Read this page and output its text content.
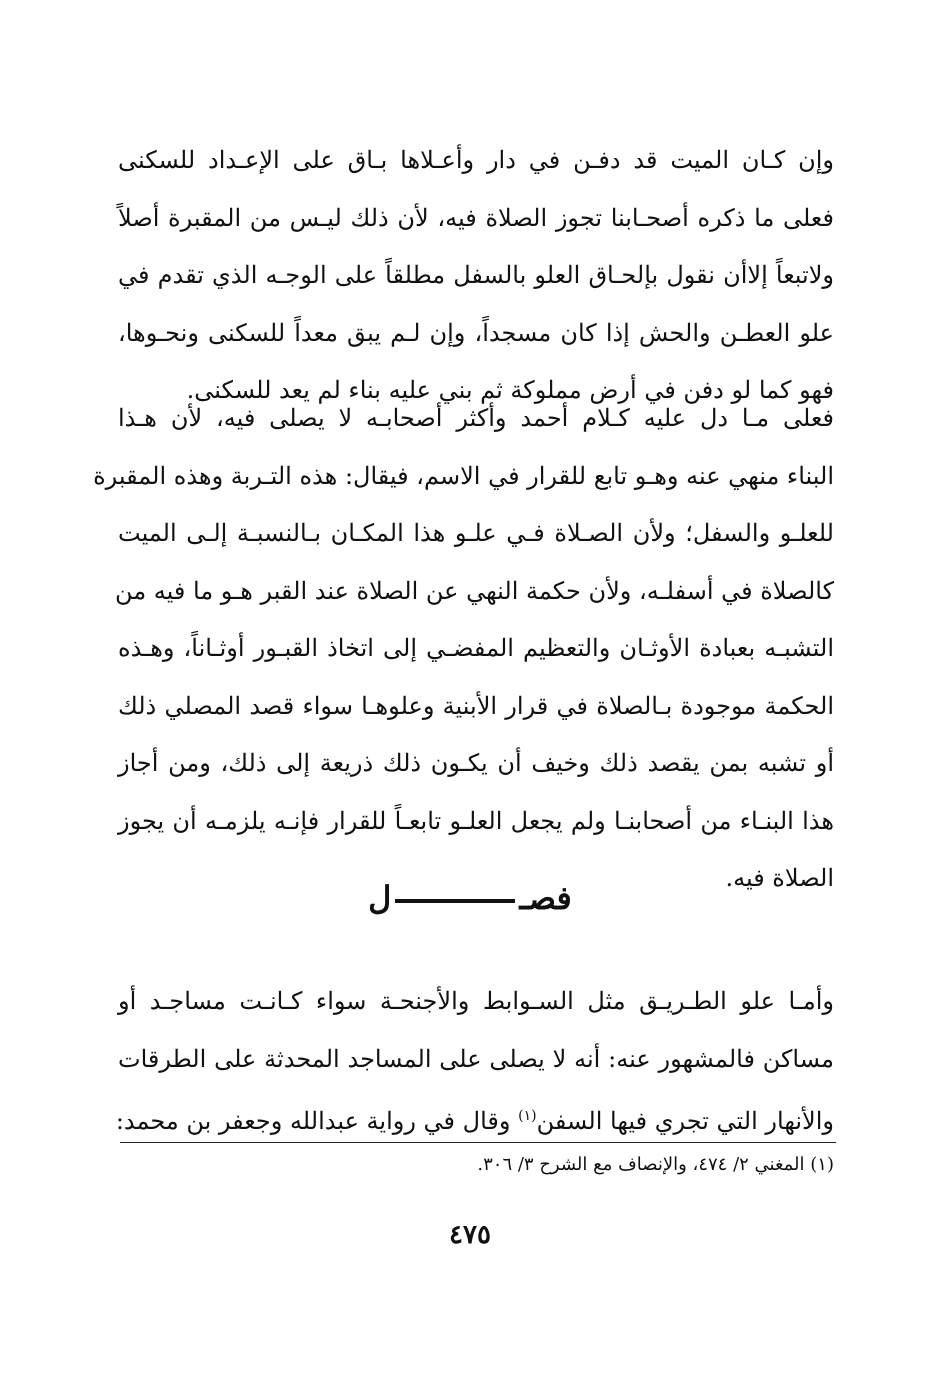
وإن كـان الميت قد دفـن في دار وأعـلاها بـاق على الإعـداد للسكنى
فعلى ما ذكره أصحـابنا تجوز الصلاة فيه، لأن ذلك ليـس من المقبرة أصلاً
ولاتبعاً إلاأن نقول بإلحـاق العلو بالسفل مطلقاً على الوجـه الذي تقدم في
علو العطـن والحش إذا كان مسجداً، وإن لـم يبق معداً للسكنى ونحـوها،
فهو كما لو دفن في أرض مملوكة ثم بني عليه بناء لم يعد للسكنى.
فعلى مـا دل عليه كـلام أحمد وأكثر أصحابـه لا يصلى فيه، لأن هـذا
البناء منهي عنه وهـو تابع للقرار في الاسم، فيقال: هذه التـربة وهذه المقبرة
للعلـو والسفل؛ ولأن الصـلاة فـي علـو هذا المكـان بـالنسبـة إلـى الميت
كالصلاة في أسفلـه، ولأن حكمة النهي عن الصلاة عند القبر هـو ما فيه من
التشبـه بعبادة الأوثـان والتعظيم المفضـي إلى اتخاذ القبـور أوثـاناً، وهـذه
الحكمة موجودة بـالصلاة في قرار الأبنية وعلوهـا سواء قصد المصلي ذلك
أو تشبه بمن يقصد ذلك وخيف أن يكـون ذلك ذريعة إلى ذلك، ومن أجاز
هذا البنـاء من أصحابنـا ولم يجعل العلـو تابعـاً للقرار فإنـه يلزمـه أن يجوز
الصلاة فيه.
فصـل
وأمـا علو الطـريـق مثل السـوابط والأجنحـة سواء كـانـت مساجـد أو
مساكن فالمشهور عنه: أنه لا يصلى على المساجد المحدثة على الطرقات
والأنهار التي تجري فيها السفن$^{(١)}$ وقال في رواية عبدالله وجعفر بن محمد:
(١) المغني ٢/ ٤٧٤، والإنصاف مع الشرح ٣/ ٣٠٦.
٤٧٥
